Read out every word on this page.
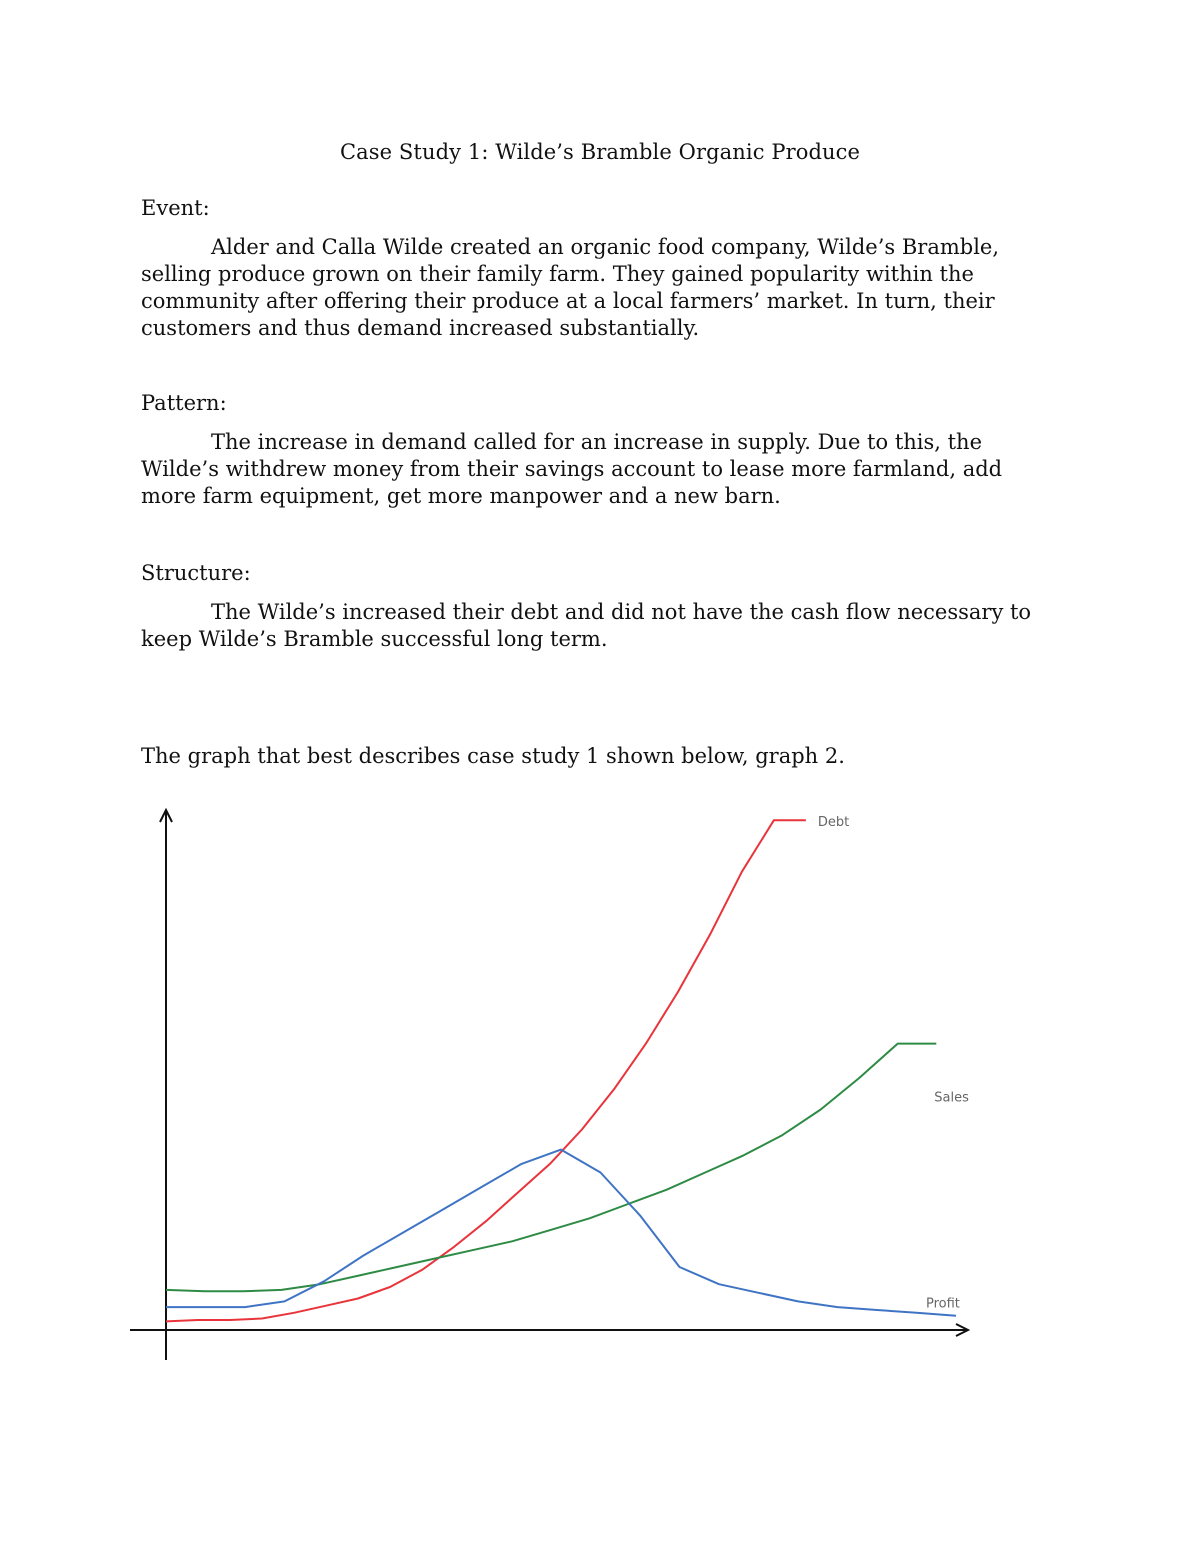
Case Study 1: Wilde’s Bramble Organic Produce
Event:
Alder and Calla Wilde created an organic food company, Wilde’s Bramble, selling produce grown on their family farm. They gained popularity within the community after offering their produce at a local farmers’ market. In turn, their customers and thus demand increased substantially.
Pattern:
The increase in demand called for an increase in supply. Due to this, the Wilde’s withdrew money from their savings account to lease more farmland, add more farm equipment, get more manpower and a new barn.
Structure:
The Wilde’s increased their debt and did not have the cash flow necessary to keep Wilde’s Bramble successful long term.
The graph that best describes case study 1 shown below, graph 2.
Debt
Sales
Profit
